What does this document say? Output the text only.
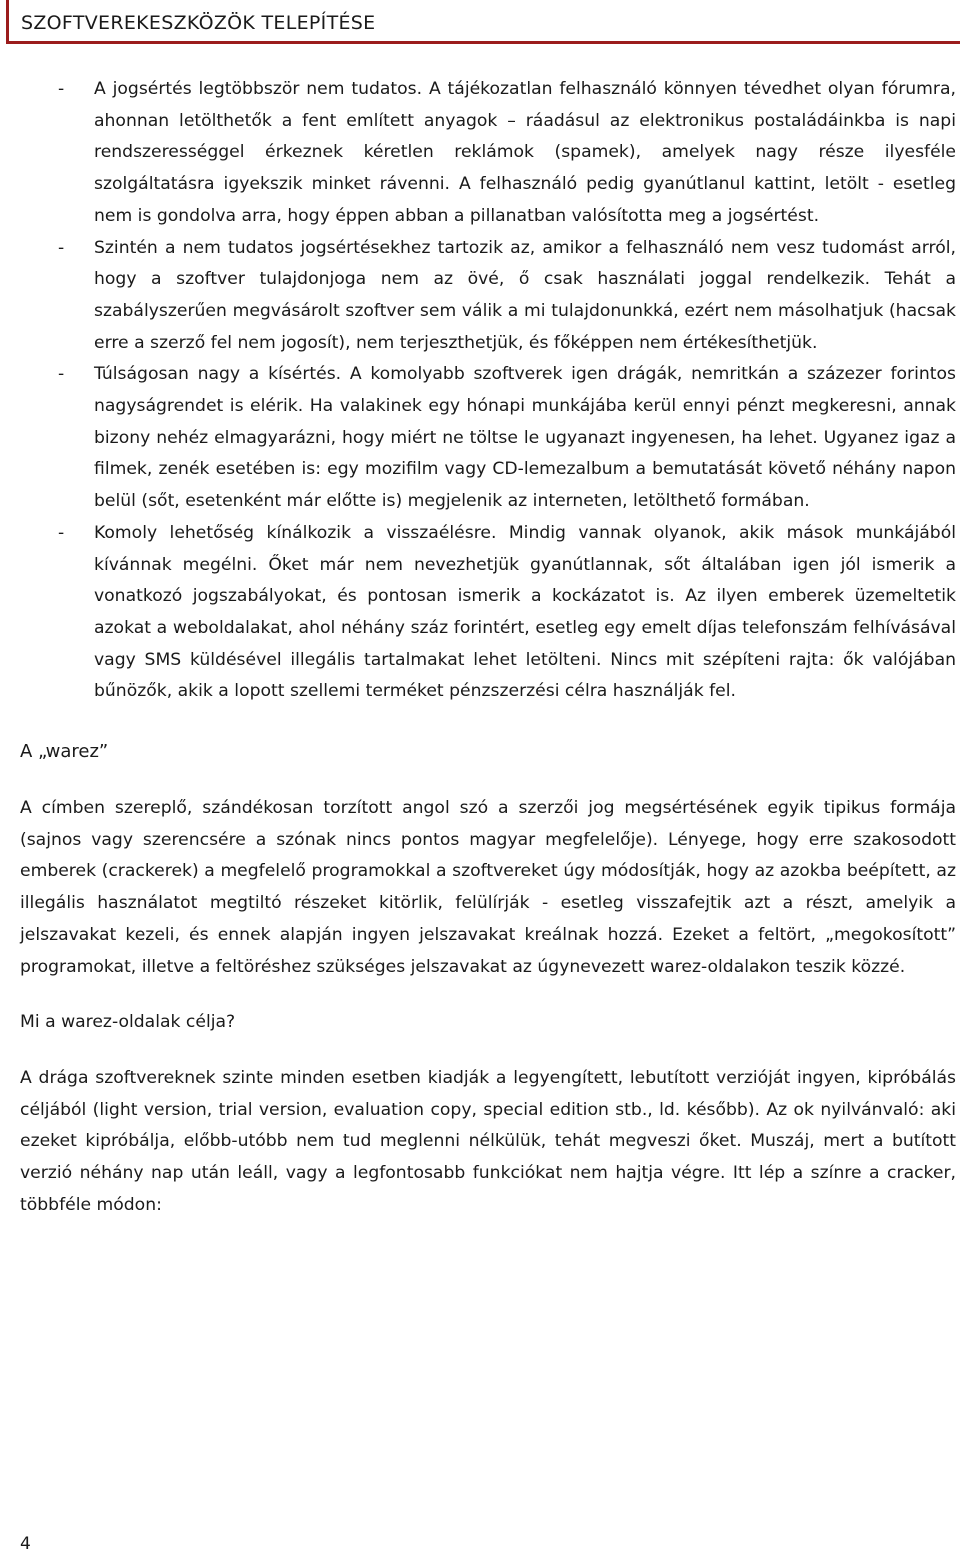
SZOFTVEREKESZKÖZÖK TELEPÍTÉSE
- A jogsértés legtöbbször nem tudatos. A tájékozatlan felhasználó könnyen tévedhet olyan fórumra, ahonnan letölthetők a fent említett anyagok – ráadásul az elektronikus postaládáinkba is napi rendszerességgel érkeznek kéretlen reklámok (spamek), amelyek nagy része ilyesféle szolgáltatásra igyekszik minket rávenni. A felhasználó pedig gyanútlanul kattint, letölt - esetleg nem is gondolva arra, hogy éppen abban a pillanatban valósította meg a jogsértést.
- Szintén a nem tudatos jogsértésekhez tartozik az, amikor a felhasználó nem vesz tudomást arról, hogy a szoftver tulajdonjoga nem az övé, ő csak használati joggal rendelkezik. Tehát a szabályszerűen megvásárolt szoftver sem válik a mi tulajdonunkká, ezért nem másolhatjuk (hacsak erre a szerző fel nem jogosít), nem terjeszthetjük, és főképpen nem értékesíthetjük.
- Túlságosan nagy a kísértés. A komolyabb szoftverek igen drágák, nemritkán a százezer forintos nagyságrendet is elérik. Ha valakinek egy hónapi munkájába kerül ennyi pénzt megkeresni, annak bizony nehéz elmagyarázni, hogy miért ne töltse le ugyanazt ingyenesen, ha lehet. Ugyanez igaz a filmek, zenék esetében is: egy mozifilm vagy CD-lemezalbum a bemutatását követő néhány napon belül (sőt, esetenként már előtte is) megjelenik az interneten, letölthető formában.
- Komoly lehetőség kínálkozik a visszaélésre. Mindig vannak olyanok, akik mások munkájából kívánnak megélni. Őket már nem nevezhetjük gyanútlannak, sőt általában igen jól ismerik a vonatkozó jogszabályokat, és pontosan ismerik a kockázatot is. Az ilyen emberek üzemeltetik azokat a weboldalakat, ahol néhány száz forintért, esetleg egy emelt díjas telefonszám felhívásával vagy SMS küldésével illegális tartalmakat lehet letölteni. Nincs mit szépíteni rajta: ők valójában bűnözők, akik a lopott szellemi terméket pénzszerzési célra használják fel.
A „warez”

A címben szereplő, szándékosan torzított angol szó a szerzői jog megsértésének egyik tipikus formája (sajnos vagy szerencsére a szónak nincs pontos magyar megfelelője). Lényege, hogy erre szakosodott emberek (crackerek) a megfelelő programokkal a szoftvereket úgy módosítják, hogy az azokba beépített, az illegális használatot megtiltó részeket kitörlik, felülírják - esetleg visszafejtik azt a részt, amelyik a jelszavakat kezeli, és ennek alapján ingyen jelszavakat kreálnak hozzá. Ezeket a feltört, „megokosított” programokat, illetve a feltöréshez szükséges jelszavakat az úgynevezett warez-oldalakon teszik közzé.

Mi a warez-oldalak célja?

A drága szoftvereknek szinte minden esetben kiadják a legyengített, lebutított verzióját ingyen, kipróbálás céljából (light version, trial version, evaluation copy, special edition stb., ld. később). Az ok nyilvánvaló: aki ezeket kipróbálja, előbb-utóbb nem tud meglenni nélkülük, tehát megveszi őket. Muszáj, mert a butított verzió néhány nap után leáll, vagy a legfontosabb funkciókat nem hajtja végre. Itt lép a színre a cracker, többféle módon:

4
